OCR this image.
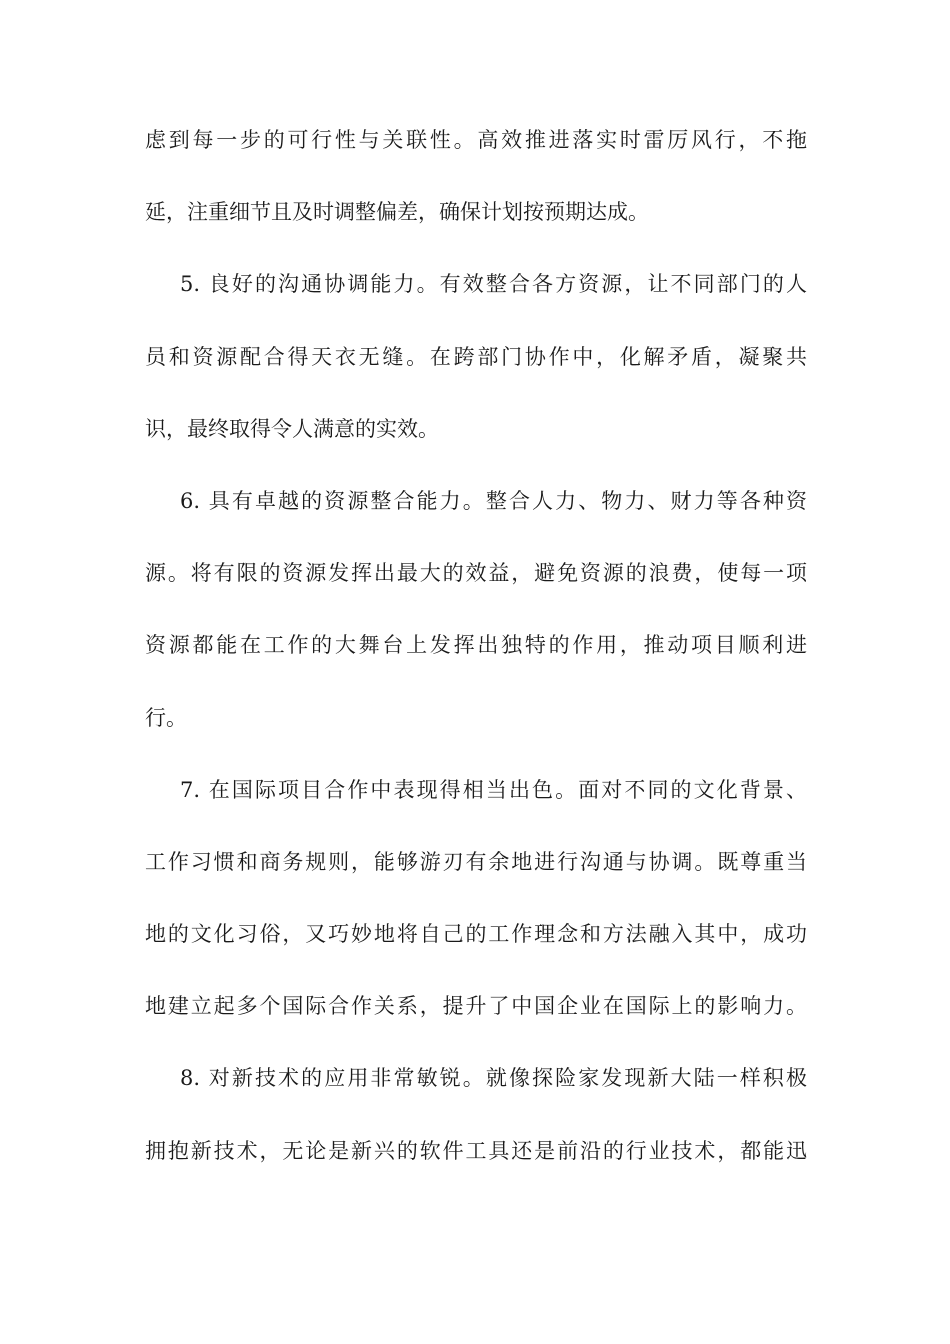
虑到每一步的可行性与关联性。高效推进落实时雷厉风行，不拖
延，注重细节且及时调整偏差，确保计划按预期达成。
5. 良好的沟通协调能力。有效整合各方资源，让不同部门的人
员和资源配合得天衣无缝。在跨部门协作中，化解矛盾，凝聚共
识，最终取得令人满意的实效。
6. 具有卓越的资源整合能力。整合人力、物力、财力等各种资
源。将有限的资源发挥出最大的效益，避免资源的浪费，使每一项
资源都能在工作的大舞台上发挥出独特的作用，推动项目顺利进
行。
7. 在国际项目合作中表现得相当出色。面对不同的文化背景、
工作习惯和商务规则，能够游刃有余地进行沟通与协调。既尊重当
地的文化习俗，又巧妙地将自己的工作理念和方法融入其中，成功
地建立起多个国际合作关系，提升了中国企业在国际上的影响力。
8. 对新技术的应用非常敏锐。就像探险家发现新大陆一样积极
拥抱新技术，无论是新兴的软件工具还是前沿的行业技术，都能迅
